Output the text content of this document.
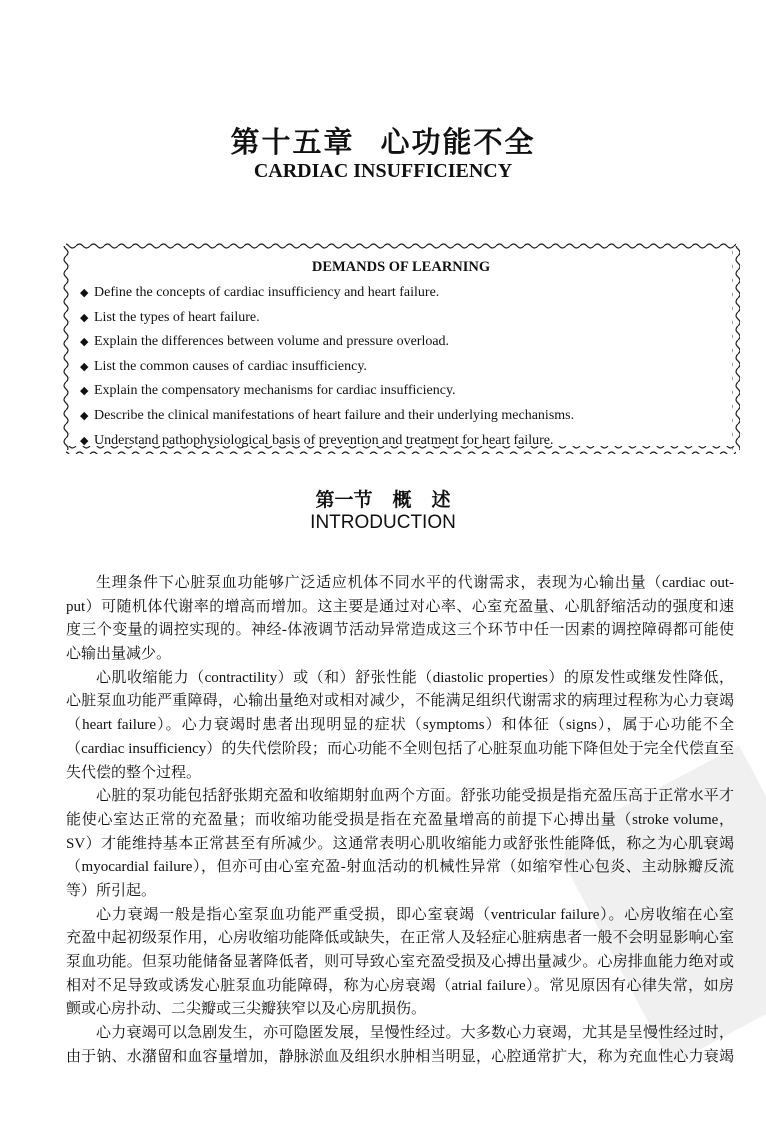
第十五章 心功能不全
CARDIAC INSUFFICIENCY
DEMANDS OF LEARNING
◆ Define the concepts of cardiac insufficiency and heart failure.
◆ List the types of heart failure.
◆ Explain the differences between volume and pressure overload.
◆ List the common causes of cardiac insufficiency.
◆ Explain the compensatory mechanisms for cardiac insufficiency.
◆ Describe the clinical manifestations of heart failure and their underlying mechanisms.
◆ Understand pathophysiological basis of prevention and treatment for heart failure.
第一节 概 述
INTRODUCTION
生理条件下心脏泵血功能够广泛适应机体不同水平的代谢需求，表现为心输出量（cardiac out-
put）可随机体代谢率的增高而增加。这主要是通过对心率、心室充盈量、心肌舒缩活动的强度和速
度三个变量的调控实现的。神经-体液调节活动异常造成这三个环节中任一因素的调控障碍都可能使
心输出量减少。
心肌收缩能力（contractility）或（和）舒张性能（diastolic properties）的原发性或继发性降低，
心脏泵血功能严重障碍，心输出量绝对或相对减少，不能满足组织代谢需求的病理过程称为心力衰竭
（heart failure）。心力衰竭时患者出现明显的症状（symptoms）和体征（signs），属于心功能不全
（cardiac insufficiency）的失代偿阶段；而心功能不全则包括了心脏泵血功能下降但处于完全代偿直至
失代偿的整个过程。
心脏的泵功能包括舒张期充盈和收缩期射血两个方面。舒张功能受损是指充盈压高于正常水平才
能使心室达正常的充盈量；而收缩功能受损是指在充盈量增高的前提下心搏出量（stroke volume，
SV）才能维持基本正常甚至有所减少。这通常表明心肌收缩能力或舒张性能降低，称之为心肌衰竭
（myocardial failure），但亦可由心室充盈-射血活动的机械性异常（如缩窄性心包炎、主动脉瓣反流
等）所引起。
心力衰竭一般是指心室泵血功能严重受损，即心室衰竭（ventricular failure）。心房收缩在心室
充盈中起初级泵作用，心房收缩功能降低或缺失，在正常人及轻症心脏病患者一般不会明显影响心室
泵血功能。但泵功能储备显著降低者，则可导致心室充盈受损及心搏出量减少。心房排血能力绝对或
相对不足导致或诱发心脏泵血功能障碍，称为心房衰竭（atrial failure）。常见原因有心律失常，如房
颤或心房扑动、二尖瓣或三尖瓣狭窄以及心房肌损伤。
心力衰竭可以急剧发生，亦可隐匿发展，呈慢性经过。大多数心力衰竭，尤其是呈慢性经过时，
由于钠、水潴留和血容量增加，静脉淤血及组织水肿相当明显，心腔通常扩大，称为充血性心力衰竭
